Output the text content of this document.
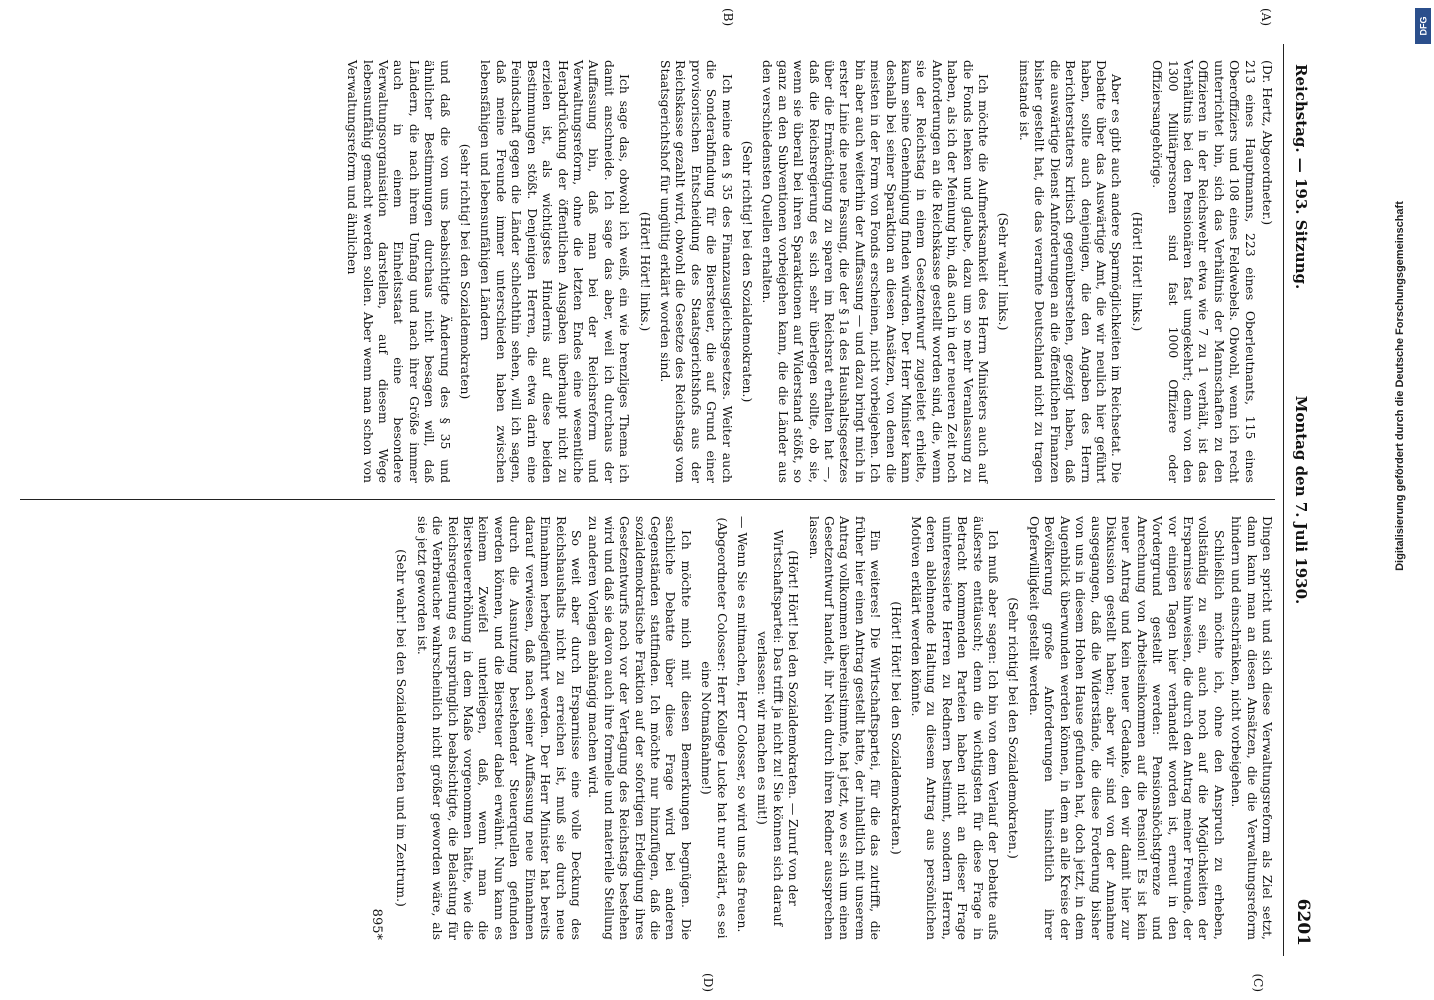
Reichstag. — 193. Sitzung.
Montag den 7. Juli 1930.
6201
(A)
(B)
(C)
(D)

(Dr. Hertz, Abgeordneter.)

213 eines Hauptmanns, 223 eines Oberleutnants, 115 eines Oberoffiziers und 108 eines Feldwebels. Obwohl, wenn ich recht unterrichtet bin, sich das Verhältnis der Mannschaften zu den Offizieren in der Reichswehr etwa wie 7 zu 1 verhält, ist das Verhältnis bei den Pensionären fast umgekehrt; denn von den 1300 Militärpersonen sind fast 1000 Offiziere oder Offiziersangehörige.

(Hört! Hört! links.)

Aber es gibt auch andere Sparmöglichkeiten im Reichsetat. Die Debatte über das Auswärtige Amt, die wir neulich hier geführt haben, sollte auch denjenigen, die den Angaben des Herrn Berichterstatters kritisch gegenüberstehen, gezeigt haben, daß die auswärtige Dienst Anforderungen an die öffentlichen Finanzen bisher gestellt hat, die das verarmte Deutschland nicht zu tragen imstande ist.

(Sehr wahr! links.)

Ich möchte die Aufmerksamkeit des Herrn Ministers auch auf die Fonds lenken und glaube, dazu um so mehr Veranlassung zu haben, als ich der Meinung bin, daß auch in der neueren Zeit noch Anforderungen an die Reichskasse gestellt worden sind, die, wenn sie der Reichstag in einem Gesetzentwurf zugeleitet erhielte, kaum seine Genehmigung finden würden. Der Herr Minister kann deshalb bei seiner Sparaktion an diesen Ansätzen, von denen die meisten in der Form von Fonds erscheinen, nicht vorbeigehen. Ich bin aber auch weiterhin der Auffassung — und dazu bringt mich in erster Linie die neue Fassung, die der § 1a des Haushaltsgesetzes über die Ermächtigung zu sparen im Reichsrat erhalten hat —, daß die Reichsregierung es sich sehr überlegen sollte, ob sie, wenn sie überall bei ihren Sparaktionen auf Widerstand stößt, so ganz an den Subventionen vorbeigehen kann, die die Länder aus den verschiedensten Quellen erhalten.

(Sehr richtig! bei den Sozialdemokraten.)

Ich meine den § 35 des Finanzausgleichsgesetzes. Weiter auch die Sonderabfindung für die Biersteuer, die auf Grund einer provisorischen Entscheidung des Staatsgerichtshofs aus der Reichskasse gezahlt wird, obwohl die Gesetze des Reichstags vom Staatsgerichtshof für ungültig erklärt worden sind.

(Hört! Hört! links.)

Ich sage das, obwohl ich weiß, ein wie brenzliges Thema ich damit anschneide. Ich sage das aber, weil ich durchaus der Auffassung bin, daß man bei der Reichsreform und Verwaltungsreform, ohne die letzten Endes eine wesentliche Herabdrückung der öffentlichen Ausgaben überhaupt nicht zu erzielen ist, als wichtigstes Hindernis auf diese beiden Bestimmungen stößt. Denjenigen Herren, die etwa darin eine Feindschaft gegen die Länder schlechthin sehen, will ich sagen, daß meine Freunde immer unterschieden haben zwischen lebensfähigen und lebensunfähigen Ländern

(sehr richtig! bei den Sozialdemokraten)

und daß die von uns beabsichtigte Änderung des § 35 und ähnlicher Bestimmungen durchaus nicht besagen will, daß Ländern, die nach ihrem Umfang und nach ihrer Größe immer auch in einem Einheitsstaat eine besondere Verwaltungsorganisation darstellen, auf diesem Wege lebensunfähig gemacht werden sollen. Aber wenn man schon von Verwaltungsreform und ähnlichen

Dingen spricht und sich diese Verwaltungsreform als Ziel setzt, dann kann man an diesen Ansätzen, die die Verwaltungsreform hindern und einschränken, nicht vorbeigehen.

Schließlich möchte ich, ohne den Anspruch zu erheben, vollständig zu sein, auch noch auf die Möglichkeiten der Ersparnisse hinweisen, die durch den Antrag meiner Freunde, der vor einigen Tagen hier verhandelt worden ist, erneut in den Vordergrund gestellt werden: Pensionshöchstgrenze und Anrechnung von Arbeitseinkommen auf die Pension! Es ist kein neuer Antrag und kein neuer Gedanke, den wir damit hier zur Diskussion gestellt haben; aber wir sind von der Annahme ausgegangen, daß die Widerstände, die diese Forderung bisher von uns in diesem Hohen Hause gefunden hat, doch jetzt, in dem Augenblick überwunden werden können, in dem an alle Kreise der Bevölkerung große Anforderungen hinsichtlich ihrer Opferwilligkeit gestellt werden.

(Sehr richtig! bei den Sozialdemokraten.)

Ich muß aber sagen: Ich bin von dem Verlauf der Debatte aufs äußerste enttäuscht; denn die wichtigsten für diese Frage in Betracht kommenden Parteien haben nicht an dieser Frage uninteressierte Herren zu Rednern bestimmt, sondern Herren, deren ablehnende Haltung zu diesem Antrag aus persönlichen Motiven erklärt werden könnte.

(Hört! Hört! bei den Sozialdemokraten.)

Ein weiteres! Die Wirtschaftspartei, für die das zutrifft, die früher hier einen Antrag gestellt hatte, der inhaltlich mit unserem Antrag vollkommen übereinstimmte, hat jetzt, wo es sich um einen Gesetzentwurf handelt, ihr Nein durch ihren Redner aussprechen lassen.

(Hört! Hört! bei den Sozialdemokraten. — Zuruf von der Wirtschaftspartei: Das trifft ja nicht zu! Sie können sich darauf verlassen: wir machen es mit!)

— Wenn Sie es mitmachen, Herr Colosser, so wird uns das freuen.

(Abgeordneter Colosser: Herr Kollege Lucke hat nur erklärt, es sei eine Notmaßnahme!)

Ich möchte mich mit diesen Bemerkungen begnügen. Die sachliche Debatte über diese Frage wird bei anderen Gegenständen stattfinden. Ich möchte nur hinzufügen, daß die sozialdemokratische Fraktion auf der sofortigen Erledigung ihres Gesetzentwurfs noch vor der Vertagung des Reichstags bestehen wird und daß sie davon auch ihre formelle und materielle Stellung zu anderen Vorlagen abhängig machen wird.

So weit aber durch Ersparnisse eine volle Deckung des Reichshaushalts nicht zu erreichen ist, muß sie durch neue Einnahmen herbeigeführt werden. Der Herr Minister hat bereits darauf verwiesen, daß nach seiner Auffassung neue Einnahmen durch die Ausnutzung bestehender Steuerquellen gefunden werden können, und die Biersteuer dabei erwähnt. Nun kann es keinem Zweifel unterliegen, daß, wenn man die Biersteuererhöhung in dem Maße vorgenommen hätte, wie die Reichsregierung es ursprünglich beabsichtigte, die Belastung für die Verbraucher wahrscheinlich nicht größer geworden wäre, als sie jetzt geworden ist.

(Sehr wahr! bei den Sozialdemokraten und im Zentrum.)

895*

DFG
Digitalisierung gefördert durch die Deutsche Forschungsgemeinschaft
